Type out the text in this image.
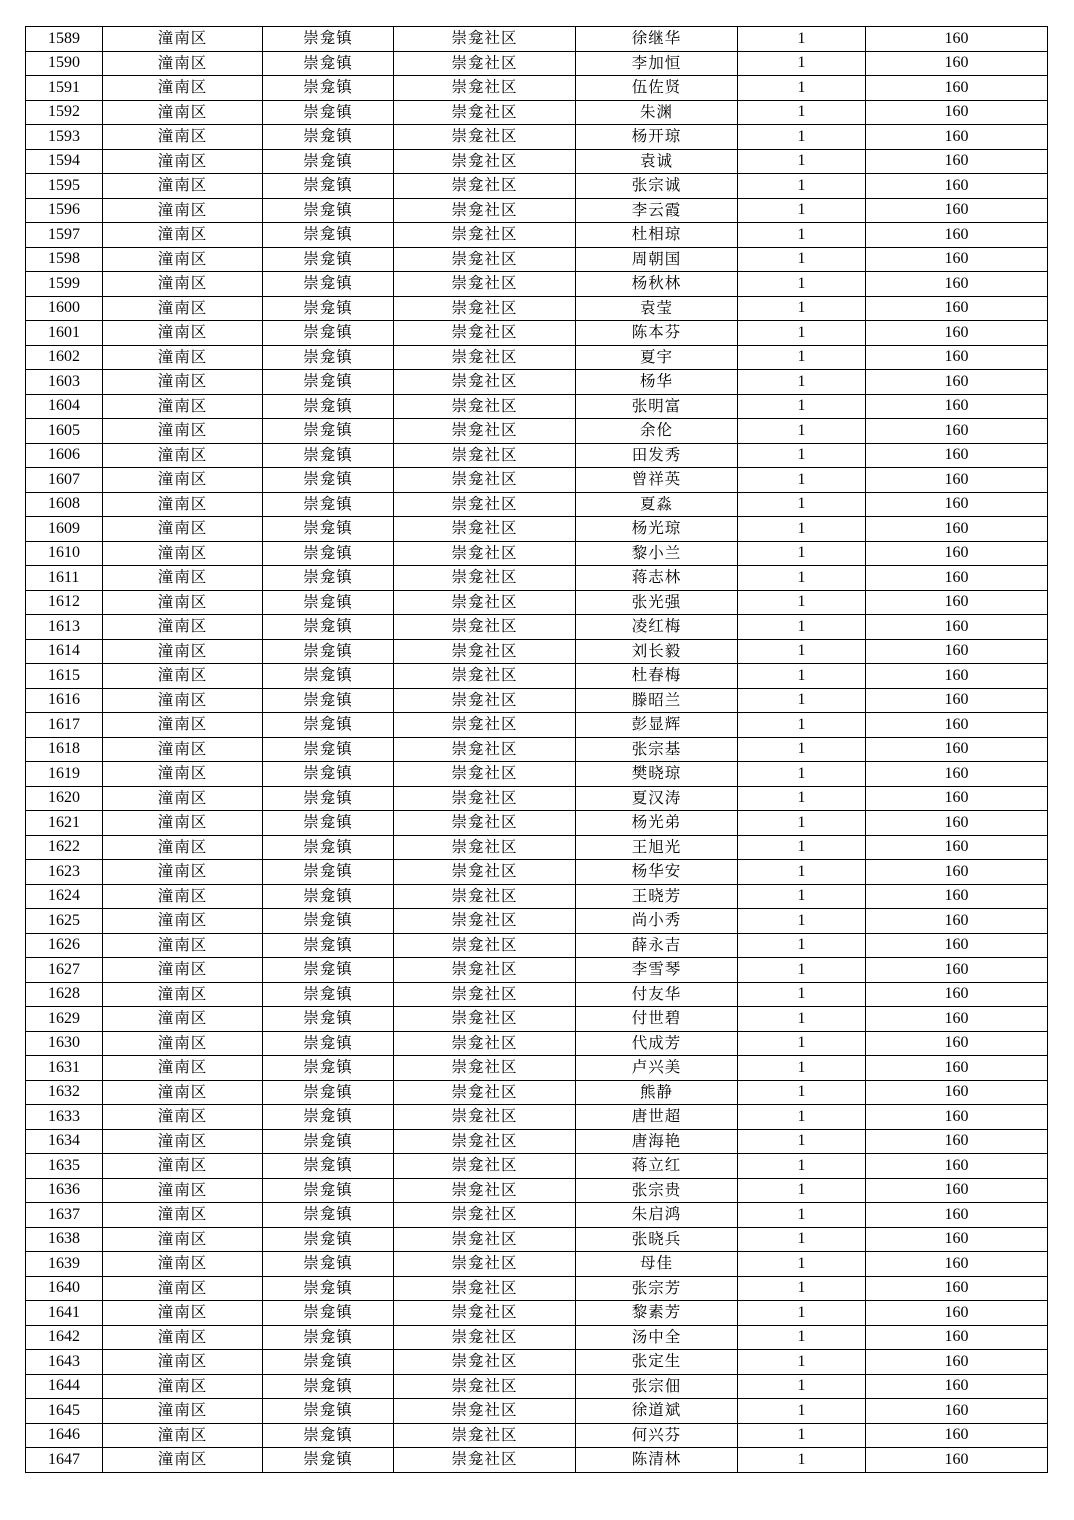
1589	潼南区	崇龛镇	崇龛社区	徐继华	1	160
1590	潼南区	崇龛镇	崇龛社区	李加恒	1	160
1591	潼南区	崇龛镇	崇龛社区	伍佐贤	1	160
1592	潼南区	崇龛镇	崇龛社区	朱渊	1	160
1593	潼南区	崇龛镇	崇龛社区	杨开琼	1	160
1594	潼南区	崇龛镇	崇龛社区	袁诚	1	160
1595	潼南区	崇龛镇	崇龛社区	张宗诚	1	160
1596	潼南区	崇龛镇	崇龛社区	李云霞	1	160
1597	潼南区	崇龛镇	崇龛社区	杜相琼	1	160
1598	潼南区	崇龛镇	崇龛社区	周朝国	1	160
1599	潼南区	崇龛镇	崇龛社区	杨秋林	1	160
1600	潼南区	崇龛镇	崇龛社区	袁莹	1	160
1601	潼南区	崇龛镇	崇龛社区	陈本芬	1	160
1602	潼南区	崇龛镇	崇龛社区	夏宇	1	160
1603	潼南区	崇龛镇	崇龛社区	杨华	1	160
1604	潼南区	崇龛镇	崇龛社区	张明富	1	160
1605	潼南区	崇龛镇	崇龛社区	余伦	1	160
1606	潼南区	崇龛镇	崇龛社区	田发秀	1	160
1607	潼南区	崇龛镇	崇龛社区	曾祥英	1	160
1608	潼南区	崇龛镇	崇龛社区	夏淼	1	160
1609	潼南区	崇龛镇	崇龛社区	杨光琼	1	160
1610	潼南区	崇龛镇	崇龛社区	黎小兰	1	160
1611	潼南区	崇龛镇	崇龛社区	蒋志林	1	160
1612	潼南区	崇龛镇	崇龛社区	张光强	1	160
1613	潼南区	崇龛镇	崇龛社区	凌红梅	1	160
1614	潼南区	崇龛镇	崇龛社区	刘长毅	1	160
1615	潼南区	崇龛镇	崇龛社区	杜春梅	1	160
1616	潼南区	崇龛镇	崇龛社区	滕昭兰	1	160
1617	潼南区	崇龛镇	崇龛社区	彭显辉	1	160
1618	潼南区	崇龛镇	崇龛社区	张宗基	1	160
1619	潼南区	崇龛镇	崇龛社区	樊晓琼	1	160
1620	潼南区	崇龛镇	崇龛社区	夏汉涛	1	160
1621	潼南区	崇龛镇	崇龛社区	杨光弟	1	160
1622	潼南区	崇龛镇	崇龛社区	王旭光	1	160
1623	潼南区	崇龛镇	崇龛社区	杨华安	1	160
1624	潼南区	崇龛镇	崇龛社区	王晓芳	1	160
1625	潼南区	崇龛镇	崇龛社区	尚小秀	1	160
1626	潼南区	崇龛镇	崇龛社区	薛永吉	1	160
1627	潼南区	崇龛镇	崇龛社区	李雪琴	1	160
1628	潼南区	崇龛镇	崇龛社区	付友华	1	160
1629	潼南区	崇龛镇	崇龛社区	付世碧	1	160
1630	潼南区	崇龛镇	崇龛社区	代成芳	1	160
1631	潼南区	崇龛镇	崇龛社区	卢兴美	1	160
1632	潼南区	崇龛镇	崇龛社区	熊静	1	160
1633	潼南区	崇龛镇	崇龛社区	唐世超	1	160
1634	潼南区	崇龛镇	崇龛社区	唐海艳	1	160
1635	潼南区	崇龛镇	崇龛社区	蒋立红	1	160
1636	潼南区	崇龛镇	崇龛社区	张宗贵	1	160
1637	潼南区	崇龛镇	崇龛社区	朱启鸿	1	160
1638	潼南区	崇龛镇	崇龛社区	张晓兵	1	160
1639	潼南区	崇龛镇	崇龛社区	母佳	1	160
1640	潼南区	崇龛镇	崇龛社区	张宗芳	1	160
1641	潼南区	崇龛镇	崇龛社区	黎素芳	1	160
1642	潼南区	崇龛镇	崇龛社区	汤中全	1	160
1643	潼南区	崇龛镇	崇龛社区	张定生	1	160
1644	潼南区	崇龛镇	崇龛社区	张宗佃	1	160
1645	潼南区	崇龛镇	崇龛社区	徐道斌	1	160
1646	潼南区	崇龛镇	崇龛社区	何兴芬	1	160
1647	潼南区	崇龛镇	崇龛社区	陈清林	1	160
